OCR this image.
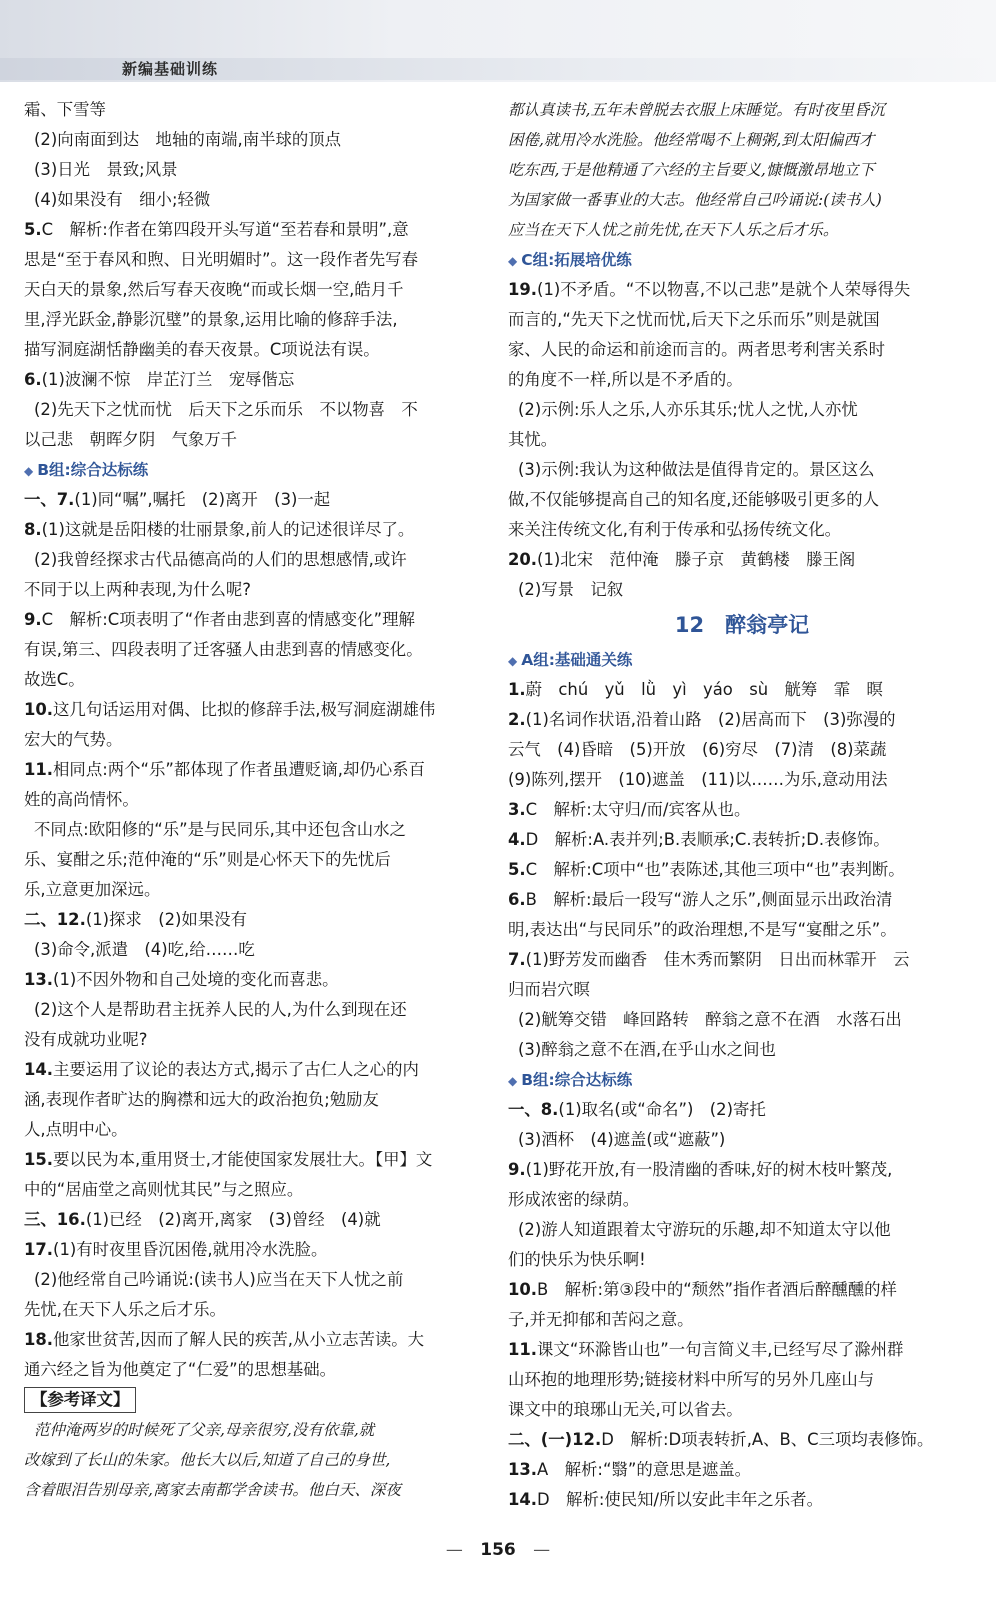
新编基础训练
霜、下雪等
(2)向南面到达　地轴的南端,南半球的顶点
(3)日光　景致;风景
(4)如果没有　细小;轻微
5.C　解析:作者在第四段开头写道“至若春和景明”,意
思是“至于春风和煦、日光明媚时”。这一段作者先写春
天白天的景象,然后写春天夜晚“而或长烟一空,皓月千
里,浮光跃金,静影沉璧”的景象,运用比喻的修辞手法,
描写洞庭湖恬静幽美的春天夜景。C项说法有误。
6.(1)波澜不惊　岸芷汀兰　宠辱偕忘
(2)先天下之忧而忧　后天下之乐而乐　不以物喜　不
以己悲　朝晖夕阴　气象万千
◆ B组:综合达标练
一、7.(1)同“嘱”,嘱托　(2)离开　(3)一起
8.(1)这就是岳阳楼的壮丽景象,前人的记述很详尽了。
(2)我曾经探求古代品德高尚的人们的思想感情,或许
不同于以上两种表现,为什么呢?
9.C　解析:C项表明了“作者由悲到喜的情感变化”理解
有误,第三、四段表明了迁客骚人由悲到喜的情感变化。
故选C。
10.这几句话运用对偶、比拟的修辞手法,极写洞庭湖雄伟
宏大的气势。
11.相同点:两个“乐”都体现了作者虽遭贬谪,却仍心系百
姓的高尚情怀。
不同点:欧阳修的“乐”是与民同乐,其中还包含山水之
乐、宴酣之乐;范仲淹的“乐”则是心怀天下的先忧后
乐,立意更加深远。
二、12.(1)探求　(2)如果没有
(3)命令,派遣　(4)吃,给……吃
13.(1)不因外物和自己处境的变化而喜悲。
(2)这个人是帮助君主抚养人民的人,为什么到现在还
没有成就功业呢?
14.主要运用了议论的表达方式,揭示了古仁人之心的内
涵,表现作者旷达的胸襟和远大的政治抱负;勉励友
人,点明中心。
15.要以民为本,重用贤士,才能使国家发展壮大。【甲】文
中的“居庙堂之高则忧其民”与之照应。
三、16.(1)已经　(2)离开,离家　(3)曾经　(4)就
17.(1)有时夜里昏沉困倦,就用冷水洗脸。
(2)他经常自己吟诵说:(读书人)应当在天下人忧之前
先忧,在天下人乐之后才乐。
18.他家世贫苦,因而了解人民的疾苦,从小立志苦读。大
通六经之旨为他奠定了“仁爱”的思想基础。
【参考译文】
范仲淹两岁的时候死了父亲,母亲很穷,没有依靠,就
改嫁到了长山的朱家。他长大以后,知道了自己的身世,
含着眼泪告别母亲,离家去南都学舍读书。他白天、深夜
都认真读书,五年未曾脱去衣服上床睡觉。有时夜里昏沉
困倦,就用冷水洗脸。他经常喝不上稠粥,到太阳偏西才
吃东西,于是他精通了六经的主旨要义,慷慨激昂地立下
为国家做一番事业的大志。他经常自己吟诵说:(读书人)
应当在天下人忧之前先忧,在天下人乐之后才乐。
◆ C组:拓展培优练
19.(1)不矛盾。“不以物喜,不以己悲”是就个人荣辱得失
而言的,“先天下之忧而忧,后天下之乐而乐”则是就国
家、人民的命运和前途而言的。两者思考利害关系时
的角度不一样,所以是不矛盾的。
(2)示例:乐人之乐,人亦乐其乐;忧人之忧,人亦忧
其忧。
(3)示例:我认为这种做法是值得肯定的。景区这么
做,不仅能够提高自己的知名度,还能够吸引更多的人
来关注传统文化,有利于传承和弘扬传统文化。
20.(1)北宋　范仲淹　滕子京　黄鹤楼　滕王阁
(2)写景　记叙
12　醉翁亭记
◆ A组:基础通关练
1.蔚　chú　yǔ　lǜ　yì　yáo　sù　觥筹　霏　暝
2.(1)名词作状语,沿着山路　(2)居高而下　(3)弥漫的
云气　(4)昏暗　(5)开放　(6)穷尽　(7)清　(8)菜蔬
(9)陈列,摆开　(10)遮盖　(11)以……为乐,意动用法
3.C　解析:太守归/而/宾客从也。
4.D　解析:A.表并列;B.表顺承;C.表转折;D.表修饰。
5.C　解析:C项中“也”表陈述,其他三项中“也”表判断。
6.B　解析:最后一段写“游人之乐”,侧面显示出政治清
明,表达出“与民同乐”的政治理想,不是写“宴酣之乐”。
7.(1)野芳发而幽香　佳木秀而繁阴　日出而林霏开　云
归而岩穴暝
(2)觥筹交错　峰回路转　醉翁之意不在酒　水落石出
(3)醉翁之意不在酒,在乎山水之间也
◆ B组:综合达标练
一、8.(1)取名(或“命名”)　(2)寄托
(3)酒杯　(4)遮盖(或“遮蔽”)
9.(1)野花开放,有一股清幽的香味,好的树木枝叶繁茂,
形成浓密的绿荫。
(2)游人知道跟着太守游玩的乐趣,却不知道太守以他
们的快乐为快乐啊!
10.B　解析:第③段中的“颓然”指作者酒后醉醺醺的样
子,并无抑郁和苦闷之意。
11.课文“环滁皆山也”一句言简义丰,已经写尽了滁州群
山环抱的地理形势;链接材料中所写的另外几座山与
课文中的琅琊山无关,可以省去。
二、(一)12.D　解析:D项表转折,A、B、C三项均表修饰。
13.A　解析:“翳”的意思是遮盖。
14.D　解析:使民知/所以安此丰年之乐者。
— 156 —
